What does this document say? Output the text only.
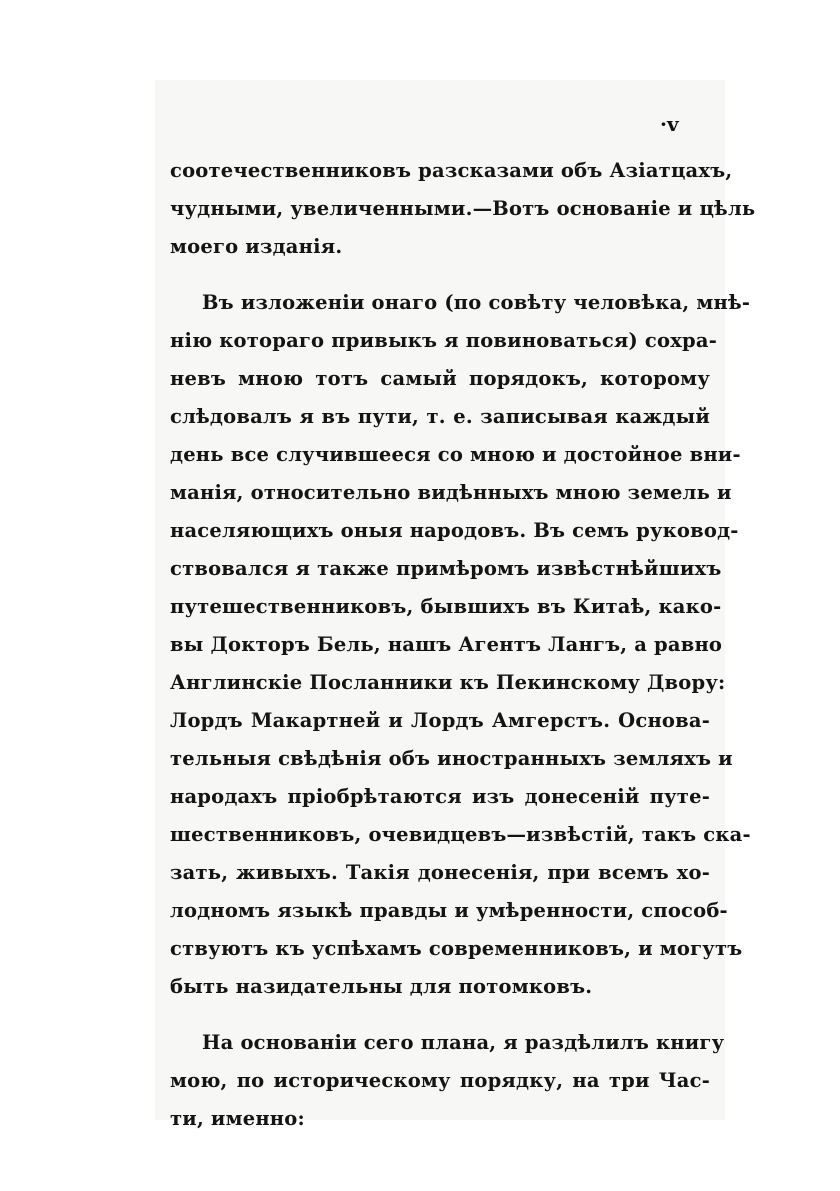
·v
соотечественниковъ разсказами объ Азіатцахъ,
чудными, увеличенными.—Вотъ основаніе и цѣль
моего изданія.
Въ изложеніи онаго (по совѣту человѣка, мнѣ-
нію котораго привыкъ я повиноваться) сохра-
невъ мною тотъ самый порядокъ, которому
слѣдовалъ я въ пути, т. е. записывая каждый
день все случившееся со мною и достойное вни-
манія, относительно видѣнныхъ мною земель и
населяющихъ оныя народовъ. Въ семъ руковод-
ствовался я также примѣромъ извѣстнѣйшихъ
путешественниковъ, бывшихъ въ Китаѣ, како-
вы Докторъ Бель, нашъ Агентъ Лангъ, а равно
Англинскіе Посланники къ Пекинскому Двору:
Лордъ Макартней и Лордъ Амгерстъ. Основа-
тельныя свѣдѣнія объ иностранныхъ земляхъ и
народахъ пріобрѣтаются изъ донесеній путе-
шественниковъ, очевидцевъ—извѣстій, такъ ска-
зать, живыхъ. Такія донесенія, при всемъ хо-
лодномъ языкѣ правды и умѣренности, способ-
ствуютъ къ успѣхамъ современниковъ, и могутъ
быть назидательны для потомковъ.
На основаніи сего плана, я раздѣлилъ книгу
мою, по историческому порядку, на три Час-
ти, именно:
